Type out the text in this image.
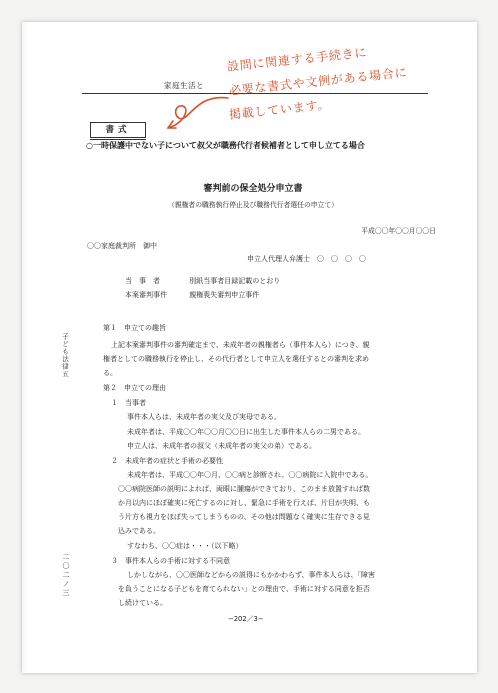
家庭生活と
設問に関連する手続きに
必要な書式や文例がある場合に
掲載しています。
書式
○一時保護中でない子について叔父が職務代行者候補者として申し立てる場合
審判前の保全処分申立書
（親権者の職務執行停止及び職務代行者選任の申立て）
平成〇〇年〇〇月〇〇日
〇〇家庭裁判所　御中
申立人代理人弁護士　〇　〇　〇　〇
当　事　者	別紙当事者目録記載のとおり
本案審判事件	親権喪失審判申立事件
第１　申立ての趣旨
上記本案審判事件の審判確定まで、未成年者の親権者ら（事件本人ら）につき、親
権者としての職務執行を停止し、その代行者として申立人を選任するとの審判を求め
る。
第２　申立ての理由
１　当事者
事件本人らは、未成年者の実父及び実母である。
未成年者は、平成〇〇年〇〇月〇〇日に出生した事件本人らの二男である。
申立人は、未成年者の叔父（未成年者の実父の弟）である。
２　未成年者の症状と手術の必要性
未成年者は、平成〇〇年〇月、〇〇病と診断され、〇〇病院に入院中である。
〇〇病院医師の説明によれば、両眼に腫瘍ができており、このまま放置すれば数
か月以内にほぼ確実に死亡するのに対し、緊急に手術を行えば、片目が失明、も
う片方も視力をほぼ失ってしまうものの、その他は問題なく確実に生存できる見
込みである。
すなわち、〇〇症は・・・（以下略）
３　事件本人らの手術に対する不同意
しかしながら、〇〇医師などからの説得にもかかわらず、事件本人らは、「障害
を負うことになる子どもを育てられない」との理由で、手術に対する同意を拒否
し続けている。
子ども法律五
二〇二ノ三
−202／3−
